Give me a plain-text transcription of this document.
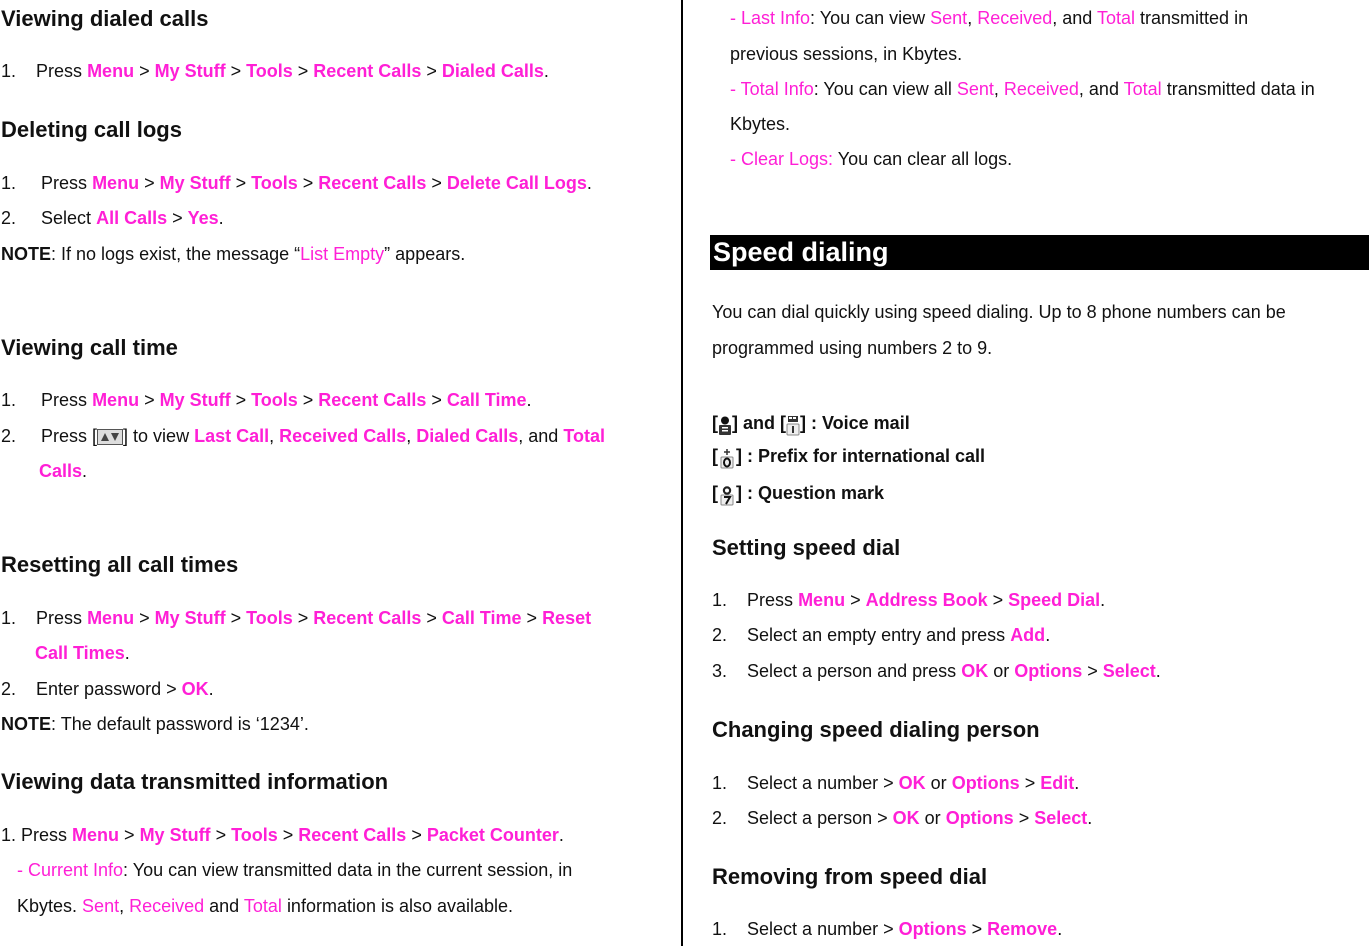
Viewing dialed calls
1. Press Menu > My Stuff > Tools > Recent Calls > Dialed Calls.
Deleting call logs
1. Press Menu > My Stuff > Tools > Recent Calls > Delete Call Logs.
2. Select All Calls > Yes.
NOTE: If no logs exist, the message “List Empty” appears.
Viewing call time
1. Press Menu > My Stuff > Tools > Recent Calls > Call Time.
2. Press [ ] to view Last Call, Received Calls, Dialed Calls, and Total
Calls.
Resetting all call times
1. Press Menu > My Stuff > Tools > Recent Calls > Call Time > Reset
Call Times.
2. Enter password > OK.
NOTE: The default password is ‘1234’.
Viewing data transmitted information
1. Press Menu > My Stuff > Tools > Recent Calls > Packet Counter.
- Current Info: You can view transmitted data in the current session, in
Kbytes. Sent, Received and Total information is also available.
- Last Info: You can view Sent, Received, and Total transmitted in
previous sessions, in Kbytes.
- Total Info: You can view all Sent, Received, and Total transmitted data in
Kbytes.
- Clear Logs: You can clear all logs.
Speed dialing
You can dial quickly using speed dialing. Up to 8 phone numbers can be
programmed using numbers 2 to 9.
[ ] and [ ] : Voice mail
[ ] : Prefix for international call
[ ] : Question mark
Setting speed dial
1. Press Menu > Address Book > Speed Dial.
2. Select an empty entry and press Add.
3. Select a person and press OK or Options > Select.
Changing speed dialing person
1. Select a number > OK or Options > Edit.
2. Select a person > OK or Options > Select.
Removing from speed dial
1. Select a number > Options > Remove.
